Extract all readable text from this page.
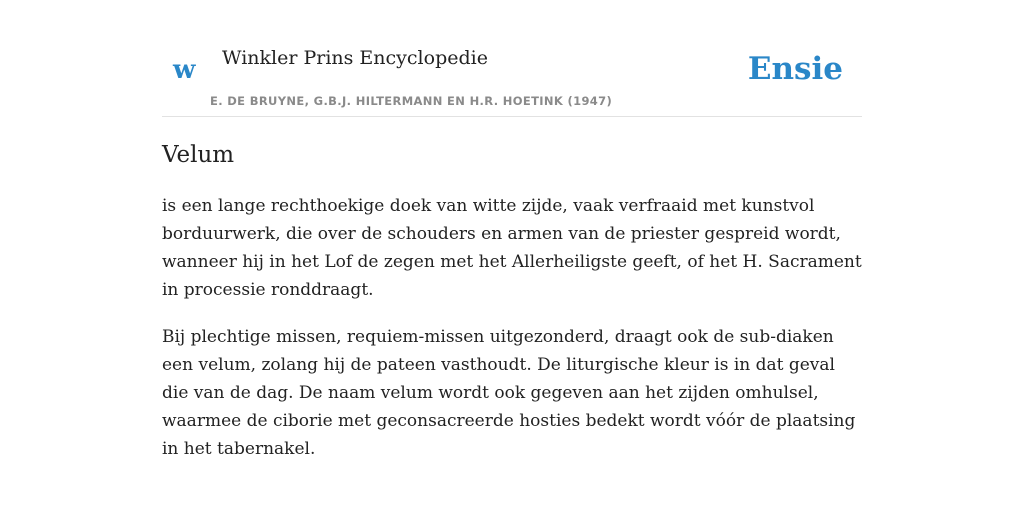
w Winkler Prins Encyclopedie
E. DE BRUYNE, G.B.J. HILTERMANN EN H.R. HOETINK (1947)
Ensie
Velum

is een lange rechthoekige doek van witte zijde, vaak verfraaid met kunstvol borduurwerk, die over de schouders en armen van de priester gespreid wordt, wanneer hij in het Lof de zegen met het Allerheiligste geeft, of het H. Sacrament in processie ronddraagt.

Bij plechtige missen, requiem-missen uitgezonderd, draagt ook de sub-diaken een velum, zolang hij de pateen vasthoudt. De liturgische kleur is in dat geval die van de dag. De naam velum wordt ook gegeven aan het zijden omhulsel, waarmee de ciborie met geconsacreerde hosties bedekt wordt vóór de plaatsing in het tabernakel.
